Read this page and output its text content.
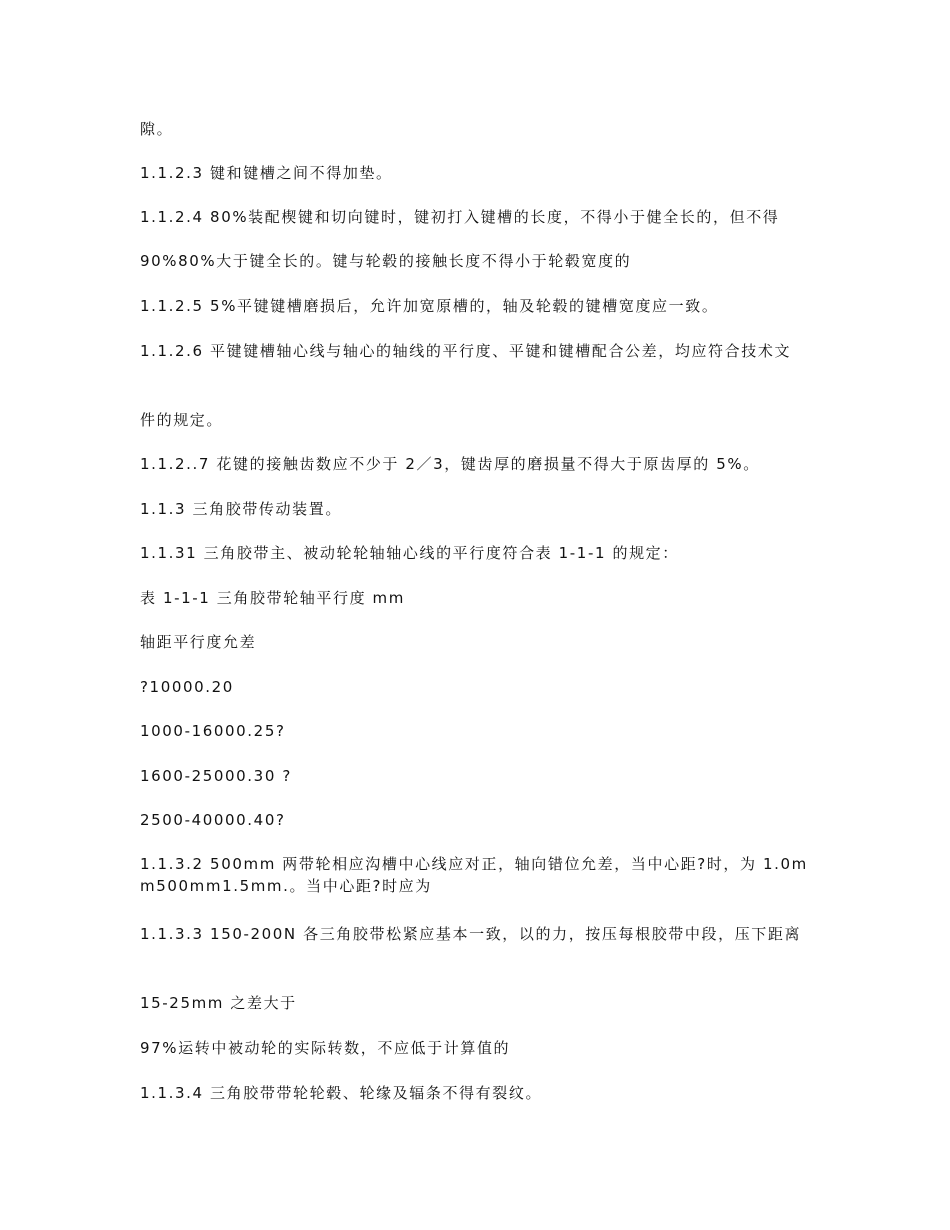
隙。
1.1.2.3 键和键槽之间不得加垫。
1.1.2.4 80%装配楔键和切向键时，键初打入键槽的长度，不得小于健全长的，但不得
90%80%大于键全长的。键与轮毂的接触长度不得小于轮毂宽度的
1.1.2.5 5%平键键槽磨损后，允许加宽原槽的，轴及轮毂的键槽宽度应一致。
1.1.2.6 平键键槽轴心线与轴心的轴线的平行度、平键和键槽配合公差，均应符合技术文
件的规定。
1.1.2..7 花键的接触齿数应不少于 2／3，键齿厚的磨损量不得大于原齿厚的 5%。
1.1.3 三角胶带传动装置。
1.1.31 三角胶带主、被动轮轮轴轴心线的平行度符合表 1-1-1 的规定：
表 1-1-1 三角胶带轮轴平行度 mm
轴距平行度允差
?10000.20
1000-16000.25?
1600-25000.30 ?
2500-40000.40?
1.1.3.2 500mm 两带轮相应沟槽中心线应对正，轴向错位允差，当中心距?时，为 1.0mm500mm1.5mm.。当中心距?时应为
1.1.3.3 150-200N 各三角胶带松紧应基本一致，以的力，按压每根胶带中段，压下距离
15-25mm 之差大于
97%运转中被动轮的实际转数，不应低于计算值的
1.1.3.4 三角胶带带轮轮毂、轮缘及辐条不得有裂纹。
